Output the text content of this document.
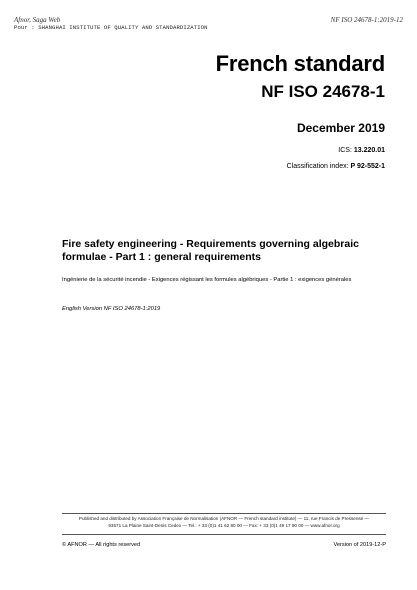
Afnor, Saga Web
Pour : SHANGHAI INSTITUTE OF QUALITY AND STANDARDIZATION
NF ISO 24678-1:2019-12
French standard
NF ISO 24678-1
December 2019
ICS: 13.220.01
Classification index: P 92-552-1
Fire safety engineering - Requirements governing algebraic formulae - Part 1 : general requirements
Ingénierie de la sécurité incendie - Exigences régissant les formules algébriques - Partie 1 : exigences générales
English Version NF ISO 24678-1:2019
Published and distributed by Association Française de Normalisation (AFNOR — French standard institute) — 11, rue Francis de Pressensé —
93571 La Plaine Saint-Denis Cedex — Tel.: + 33 (0)1 41 62 80 00 — Fax: + 33 (0)1 49 17 90 00 — www.afnor.org
© AFNOR — All rights reserved	Version of 2019-12-P
